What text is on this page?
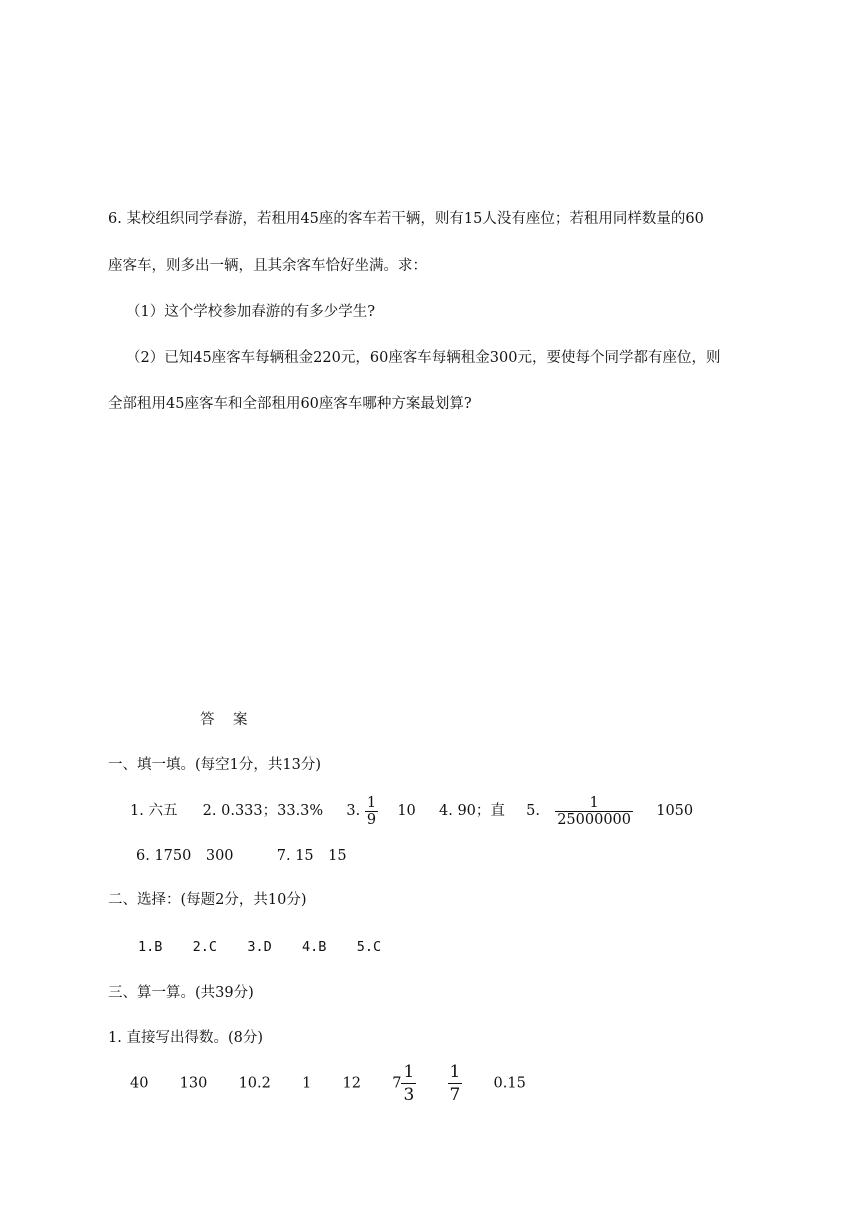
6. 某校组织同学春游，若租用45座的客车若干辆，则有15人没有座位；若租用同样数量的60
座客车，则多出一辆，且其余客车恰好坐满。求：
（1）这个学校参加春游的有多少学生?
（2）已知45座客车每辆租金220元，60座客车每辆租金300元，要使每个同学都有座位，则
全部租用45座客车和全部租用60座客车哪种方案最划算?
答　案
一、填一填。(每空1分，共13分)
1. 六五 2. 0.333；33.3% 3. $\frac{1}{9} 10$ 4. 90；直 5. $\frac{1}{25000000} 1050$
6. 1750　300	7. 15　15
二、选择：(每题2分，共10分)
1.B 2.C 3.D 4.B 5.C
三、算一算。(共39分)
1. 直接写出得数。(8分)
40 130 10.2 1 12 $7 \frac{1}{3}$
$\frac{1}{7} 0.15$
